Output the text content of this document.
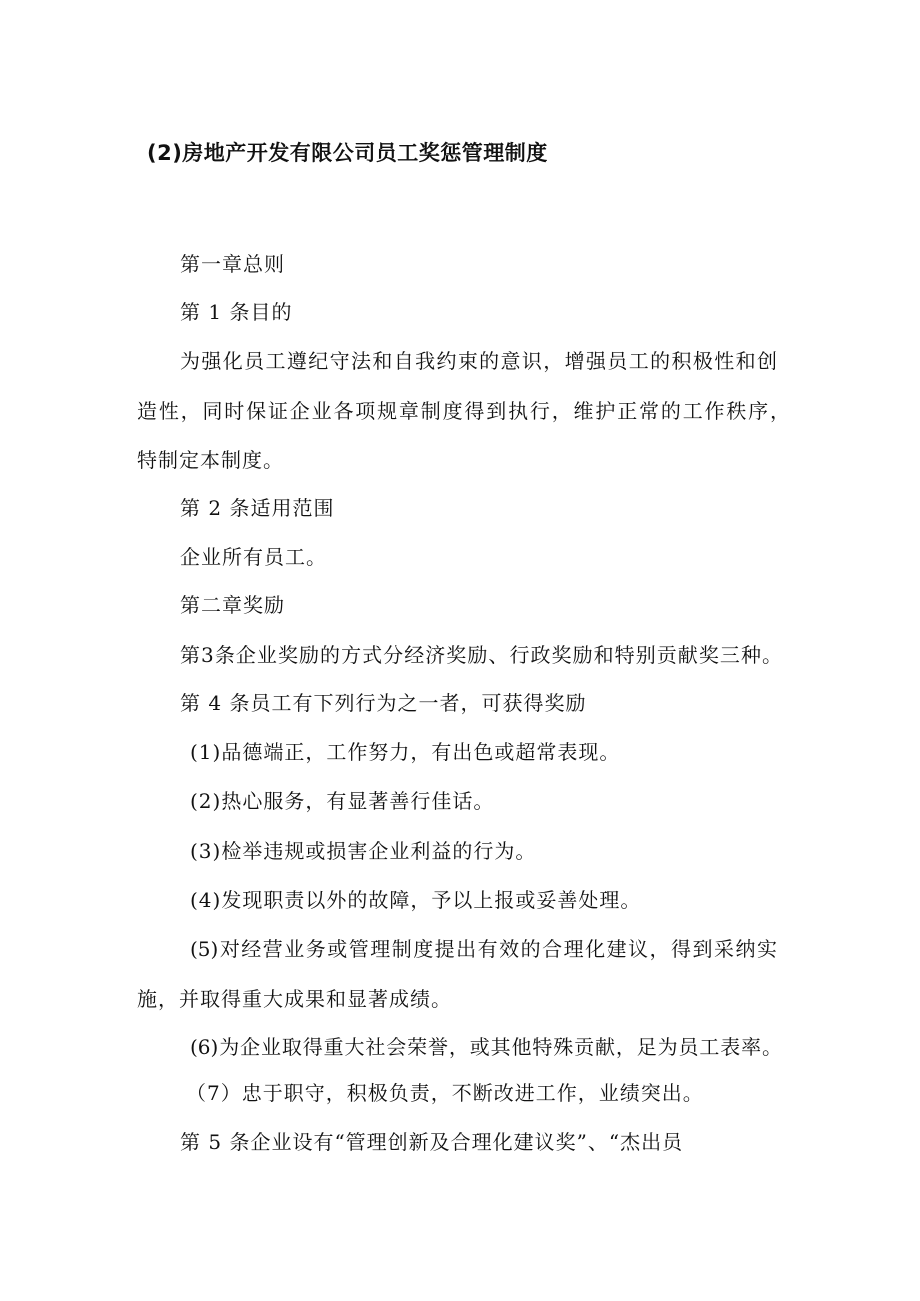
(2)房地产开发有限公司员工奖惩管理制度
第一章总则
第 1 条目的
为强化员工遵纪守法和自我约束的意识，增强员工的积极性和创
造性，同时保证企业各项规章制度得到执行，维护正常的工作秩序，
特制定本制度。
第 2 条适用范围
企业所有员工。
第二章奖励
第3条企业奖励的方式分经济奖励、行政奖励和特别贡献奖三种。
第 4 条员工有下列行为之一者，可获得奖励
(1)品德端正，工作努力，有出色或超常表现。
(2)热心服务，有显著善行佳话。
(3)检举违规或损害企业利益的行为。
(4)发现职责以外的故障，予以上报或妥善处理。
(5)对经营业务或管理制度提出有效的合理化建议，得到采纳实
施，并取得重大成果和显著成绩。
(6)为企业取得重大社会荣誉，或其他特殊贡献，足为员工表率。
（7）忠于职守，积极负责，不断改进工作，业绩突出。
第 5 条企业设有“管理创新及合理化建议奖”、“杰出员
